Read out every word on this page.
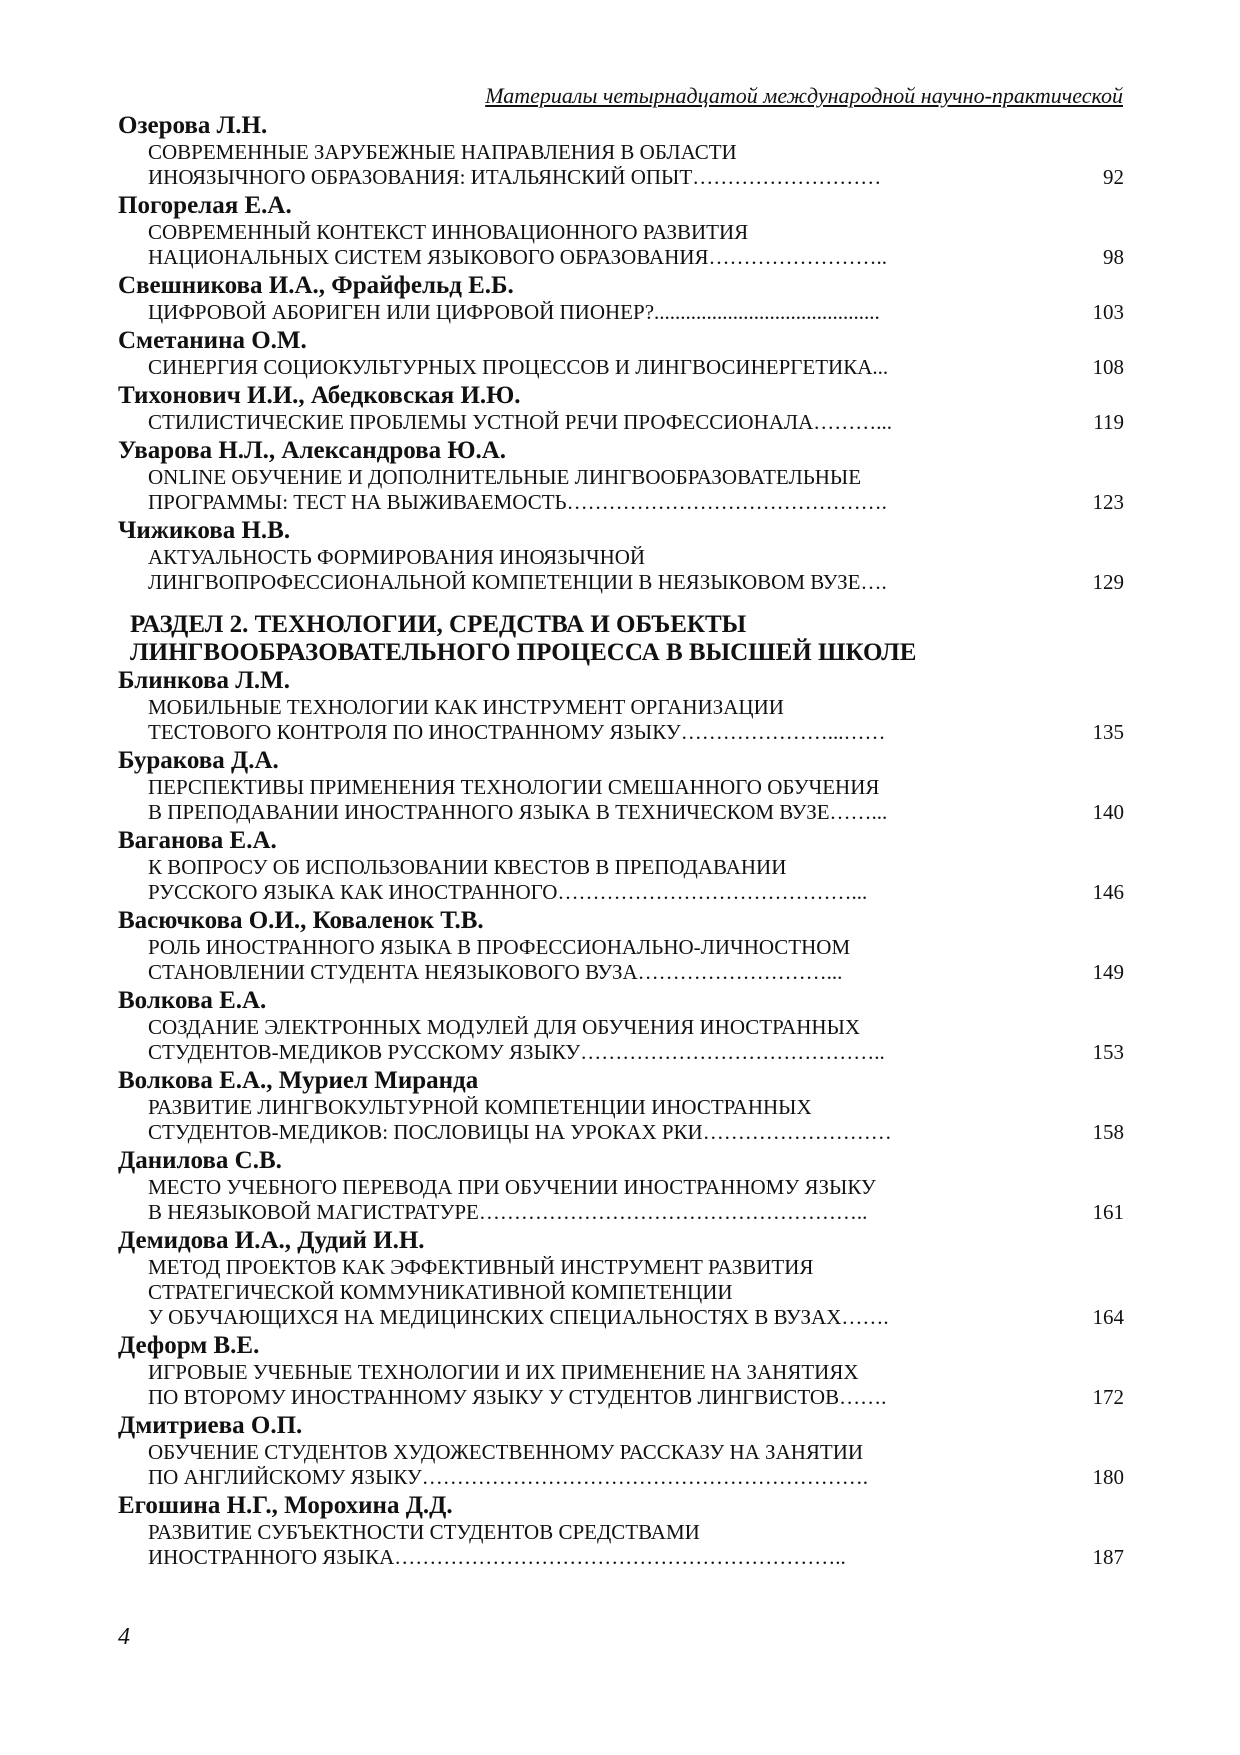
Материалы четырнадцатой международной научно-практической
Озерова Л.Н.
СОВРЕМЕННЫЕ ЗАРУБЕЖНЫЕ НАПРАВЛЕНИЯ В ОБЛАСТИ
ИНОЯЗЫЧНОГО ОБРАЗОВАНИЯ: ИТАЛЬЯНСКИЙ ОПЫТ………………………	92
Погорелая Е.А.
СОВРЕМЕННЫЙ КОНТЕКСТ ИННОВАЦИОННОГО РАЗВИТИЯ
НАЦИОНАЛЬНЫХ СИСТЕМ ЯЗЫКОВОГО ОБРАЗОВАНИЯ……………………..	98
Свешникова И.А., Фрайфельд Е.Б.
ЦИФРОВОЙ АБОРИГЕН ИЛИ ЦИФРОВОЙ ПИОНЕР?...........................................	103
Сметанина О.М.
СИНЕРГИЯ СОЦИОКУЛЬТУРНЫХ ПРОЦЕССОВ И ЛИНГВОСИНЕРГЕТИКА...	108
Тихонович И.И., Абедковская И.Ю.
СТИЛИСТИЧЕСКИЕ ПРОБЛЕМЫ УСТНОЙ РЕЧИ ПРОФЕССИОНАЛА………...	119
Уварова Н.Л., Александрова Ю.А.
ONLINE ОБУЧЕНИЕ И ДОПОЛНИТЕЛЬНЫЕ ЛИНГВООБРАЗОВАТЕЛЬНЫЕ
ПРОГРАММЫ: ТЕСТ НА ВЫЖИВАЕМОСТЬ……………………………………….	123
Чижикова Н.В.
АКТУАЛЬНОСТЬ ФОРМИРОВАНИЯ ИНОЯЗЫЧНОЙ
ЛИНГВОПРОФЕССИОНАЛЬНОЙ КОМПЕТЕНЦИИ В НЕЯЗЫКОВОМ ВУЗЕ….	129
РАЗДЕЛ 2. ТЕХНОЛОГИИ, СРЕДСТВА И ОБЪЕКТЫ
ЛИНГВООБРАЗОВАТЕЛЬНОГО ПРОЦЕССА В ВЫСШЕЙ ШКОЛЕ
Блинкова Л.М.
МОБИЛЬНЫЕ ТЕХНОЛОГИИ КАК ИНСТРУМЕНТ ОРГАНИЗАЦИИ
ТЕСТОВОГО КОНТРОЛЯ ПО ИНОСТРАННОМУ ЯЗЫКУ…………………...……	135
Буракова Д.А.
ПЕРСПЕКТИВЫ ПРИМЕНЕНИЯ ТЕХНОЛОГИИ СМЕШАННОГО ОБУЧЕНИЯ
В ПРЕПОДАВАНИИ ИНОСТРАННОГО ЯЗЫКА В ТЕХНИЧЕСКОМ ВУЗЕ……...	140
Ваганова Е.А.
К ВОПРОСУ ОБ ИСПОЛЬЗОВАНИИ КВЕСТОВ В ПРЕПОДАВАНИИ
РУССКОГО ЯЗЫКА КАК ИНОСТРАННОГО……………………………………...	146
Васючкова О.И., Коваленок Т.В.
РОЛЬ ИНОСТРАННОГО ЯЗЫКА В ПРОФЕССИОНАЛЬНО-ЛИЧНОСТНОМ
СТАНОВЛЕНИИ СТУДЕНТА НЕЯЗЫКОВОГО ВУЗА………………………...	149
Волкова Е.А.
СОЗДАНИЕ ЭЛЕКТРОННЫХ МОДУЛЕЙ ДЛЯ ОБУЧЕНИЯ ИНОСТРАННЫХ
СТУДЕНТОВ-МЕДИКОВ РУССКОМУ ЯЗЫКУ……………………………………..	153
Волкова Е.А., Муриел Миранда
РАЗВИТИЕ ЛИНГВОКУЛЬТУРНОЙ КОМПЕТЕНЦИИ ИНОСТРАННЫХ
СТУДЕНТОВ-МЕДИКОВ: ПОСЛОВИЦЫ НА УРОКАХ РКИ………………………	158
Данилова С.В.
МЕСТО УЧЕБНОГО ПЕРЕВОДА ПРИ ОБУЧЕНИИ ИНОСТРАННОМУ ЯЗЫКУ
В НЕЯЗЫКОВОЙ МАГИСТРАТУРЕ………………………………………………..	161
Демидова И.А., Дудий И.Н.
МЕТОД ПРОЕКТОВ КАК ЭФФЕКТИВНЫЙ ИНСТРУМЕНТ РАЗВИТИЯ
СТРАТЕГИЧЕСКОЙ КОММУНИКАТИВНОЙ КОМПЕТЕНЦИИ
У ОБУЧАЮЩИХСЯ НА МЕДИЦИНСКИХ СПЕЦИАЛЬНОСТЯХ В ВУЗАХ…….	164
Деформ В.Е.
ИГРОВЫЕ УЧЕБНЫЕ ТЕХНОЛОГИИ И ИХ ПРИМЕНЕНИЕ НА ЗАНЯТИЯХ
ПО ВТОРОМУ ИНОСТРАННОМУ ЯЗЫКУ У СТУДЕНТОВ ЛИНГВИСТОВ…….	172
Дмитриева О.П.
ОБУЧЕНИЕ СТУДЕНТОВ ХУДОЖЕСТВЕННОМУ РАССКАЗУ НА ЗАНЯТИИ
ПО АНГЛИЙСКОМУ ЯЗЫКУ……………………………………………………….	180
Егошина Н.Г., Морохина Д.Д.
РАЗВИТИЕ СУБЪЕКТНОСТИ СТУДЕНТОВ СРЕДСТВАМИ
ИНОСТРАННОГО ЯЗЫКА………………………………………………………..	187
4
